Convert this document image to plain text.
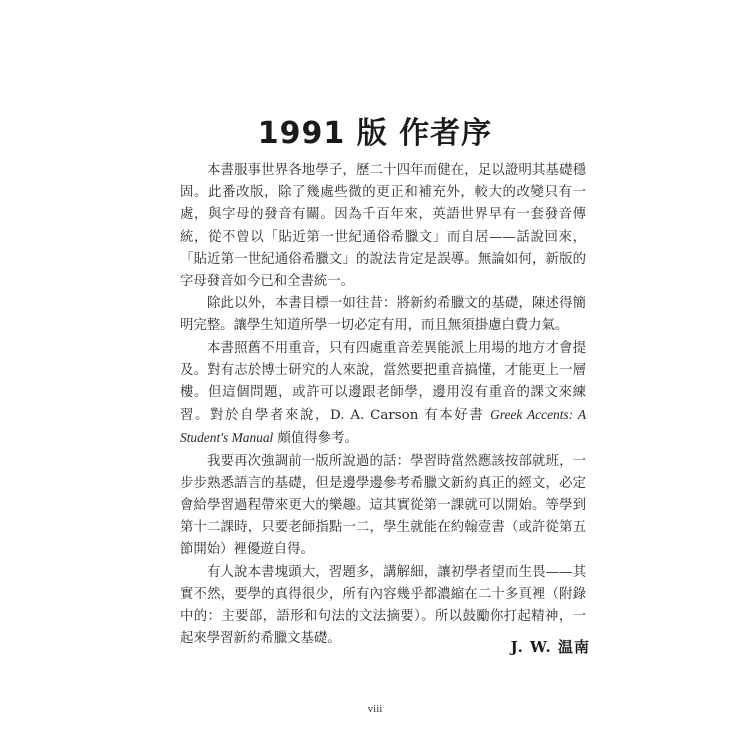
1991 版 作者序

本書服事世界各地學子，歷二十四年而健在，足以證明其基礎穩固。此番改版，除了幾處些微的更正和補充外，較大的改變只有一處，與字母的發音有關。因為千百年來，英語世界早有一套發音傳統，從不曾以「貼近第一世紀通俗希臘文」而自居——話說回來，「貼近第一世紀通俗希臘文」的說法肯定是誤導。無論如何，新版的字母發音如今已和全書統一。

除此以外，本書目標一如往昔：將新約希臘文的基礎，陳述得簡明完整。讓學生知道所學一切必定有用，而且無須掛慮白費力氣。

本書照舊不用重音，只有四處重音差異能派上用場的地方才會提及。對有志於博士研究的人來說，當然要把重音搞懂，才能更上一層樓。但這個問題，或許可以邊跟老師學，邊用沒有重音的課文來練習。對於自學者來說，D. A. Carson 有本好書 Greek Accents: A Student's Manual 頗值得參考。

我要再次強調前一版所說過的話：學習時當然應該按部就班，一步步熟悉語言的基礎，但是邊學邊參考希臘文新約真正的經文，必定會給學習過程帶來更大的樂趣。這其實從第一課就可以開始。等學到第十二課時，只要老師指點一二，學生就能在約翰壹書（或許從第五節開始）裡優遊自得。

有人說本書塊頭大，習題多，講解細，讓初學者望而生畏——其實不然，要學的真得很少，所有內容幾乎都濃縮在二十多頁裡（附錄中的：主要部，語形和句法的文法摘要）。所以鼓勵你打起精神，一起來學習新約希臘文基礎。	J. W. 温南
viii
